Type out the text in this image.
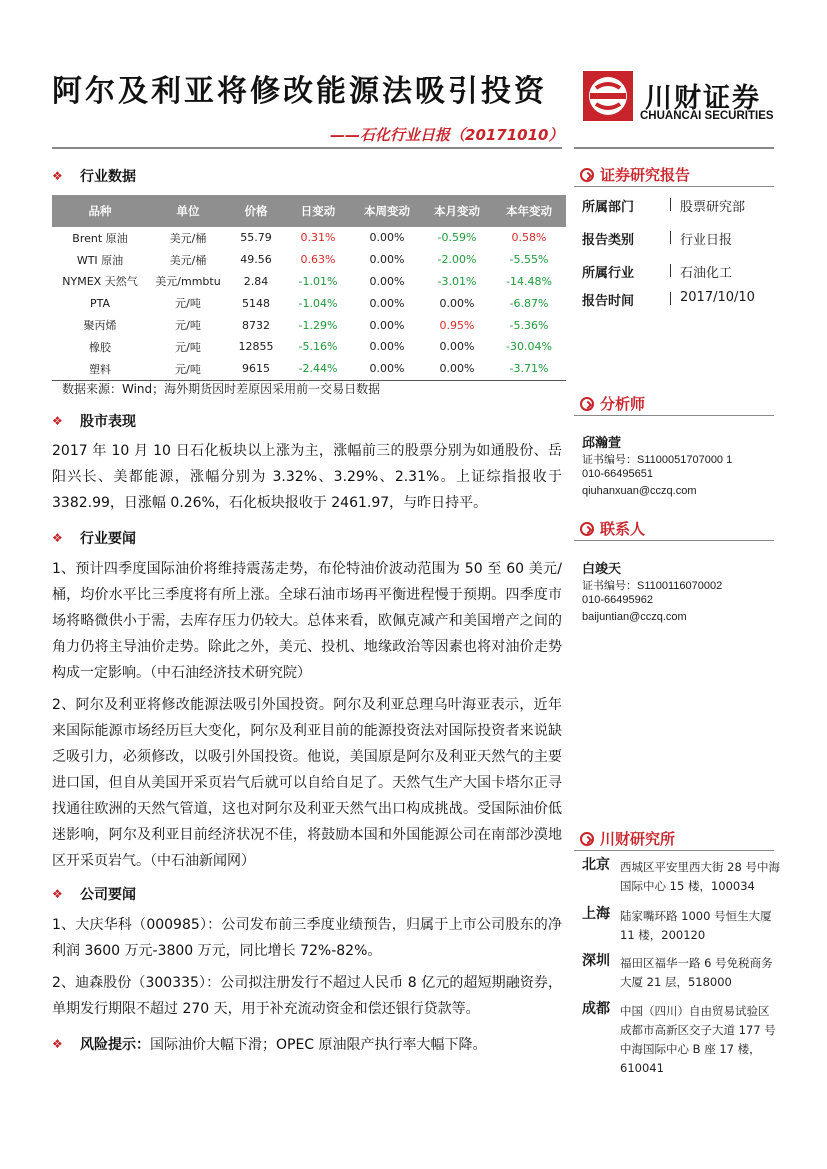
阿尔及利亚将修改能源法吸引投资
——石化行业日报（20171010）
川财证券
CHUANCAI SECURITIES
❖ 行业数据
品种	单位	价格	日变动	本周变动	本月变动	本年变动
Brent 原油	美元/桶	55.79	0.31%	0.00%	-0.59%	0.58%
WTI 原油	美元/桶	49.56	0.63%	0.00%	-2.00%	-5.55%
NYMEX 天然气	美元/mmbtu	2.84	-1.01%	0.00%	-3.01%	-14.48%
PTA	元/吨	5148	-1.04%	0.00%	0.00%	-6.87%
聚丙烯	元/吨	8732	-1.29%	0.00%	0.95%	-5.36%
橡胶	元/吨	12855	-5.16%	0.00%	0.00%	-30.04%
塑料	元/吨	9615	-2.44%	0.00%	0.00%	-3.71%
数据来源：Wind；海外期货因时差原因采用前一交易日数据
❖ 股市表现
2017 年 10 月 10 日石化板块以上涨为主，涨幅前三的股票分别为如通股份、岳阳兴长、美都能源，涨幅分别为 3.32%、3.29%、2.31%。上证综指报收于 3382.99，日涨幅 0.26%，石化板块报收于 2461.97，与昨日持平。
❖ 行业要闻
1、预计四季度国际油价将维持震荡走势，布伦特油价波动范围为 50 至 60 美元/桶，均价水平比三季度将有所上涨。全球石油市场再平衡进程慢于预期。四季度市场将略微供小于需，去库存压力仍较大。总体来看，欧佩克减产和美国增产之间的角力仍将主导油价走势。除此之外，美元、投机、地缘政治等因素也将对油价走势构成一定影响。（中石油经济技术研究院）
2、阿尔及利亚将修改能源法吸引外国投资。阿尔及利亚总理乌叶海亚表示，近年来国际能源市场经历巨大变化，阿尔及利亚目前的能源投资法对国际投资者来说缺乏吸引力，必须修改，以吸引外国投资。他说，美国原是阿尔及利亚天然气的主要进口国，但自从美国开采页岩气后就可以自给自足了。天然气生产大国卡塔尔正寻找通往欧洲的天然气管道，这也对阿尔及利亚天然气出口构成挑战。受国际油价低迷影响，阿尔及利亚目前经济状况不佳，将鼓励本国和外国能源公司在南部沙漠地区开采页岩气。（中石油新闻网）
❖ 公司要闻
1、大庆华科（000985）：公司发布前三季度业绩预告，归属于上市公司股东的净利润 3600 万元-3800 万元，同比增长 72%-82%。
2、迪森股份（300335）：公司拟注册发行不超过人民币 8 亿元的超短期融资券，单期发行期限不超过 270 天，用于补充流动资金和偿还银行贷款等。
❖ 风险提示： 国际油价大幅下滑；OPEC 原油限产执行率大幅下降。
证券研究报告
所属部门	股票研究部
报告类别	行业日报
所属行业	石油化工
报告时间	2017/10/10
分析师
邱瀚萱
证书编号：S1100051707000 1
010-66495651
qiuhanxuan@cczq.com
联系人
白竣天
证书编号：S1100116070002
010-66495962
baijuntian@cczq.com
川财研究所
北京 西城区平安里西大街 28 号中海国际中心 15 楼，100034
上海 陆家嘴环路 1000 号恒生大厦 11 楼，200120
深圳 福田区福华一路 6 号免税商务大厦 21 层，518000
成都 中国（四川）自由贸易试验区成都市高新区交子大道 177 号中海国际中心 B 座 17 楼，610041
